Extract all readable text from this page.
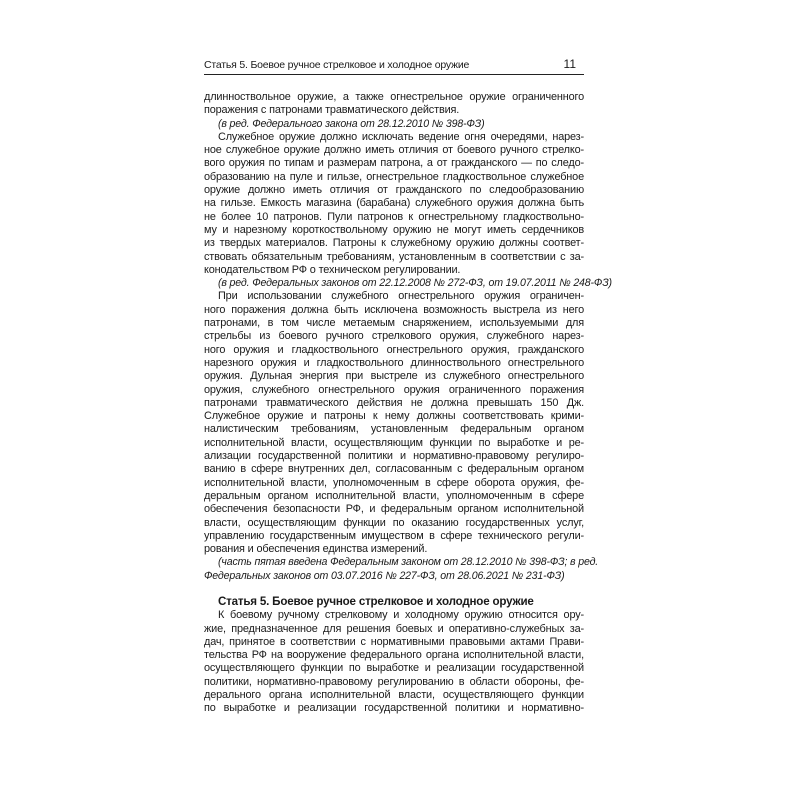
Статья 5. Боевое ручное стрелковое и холодное оружие	11
длинноствольное оружие, а также огнестрельное оружие ограниченного
поражения с патронами травматического действия.
(в ред. Федерального закона от 28.12.2010 № 398-ФЗ)
Служебное оружие должно исключать ведение огня очередями, нарез-
ное служебное оружие должно иметь отличия от боевого ручного стрелко-
вого оружия по типам и размерам патрона, а от гражданского — по следо-
образованию на пуле и гильзе, огнестрельное гладкоствольное служебное
оружие должно иметь отличия от гражданского по следообразованию
на гильзе. Емкость магазина (барабана) служебного оружия должна быть
не более 10 патронов. Пули патронов к огнестрельному гладкоствольно-
му и нарезному короткоствольному оружию не могут иметь сердечников
из твердых материалов. Патроны к служебному оружию должны соответ-
ствовать обязательным требованиям, установленным в соответствии с за-
конодательством РФ о техническом регулировании.
(в ред. Федеральных законов от 22.12.2008 № 272-ФЗ, от 19.07.2011 № 248-ФЗ)
При использовании служебного огнестрельного оружия ограничен-
ного поражения должна быть исключена возможность выстрела из него
патронами, в том числе метаемым снаряжением, используемыми для
стрельбы из боевого ручного стрелкового оружия, служебного нарез-
ного оружия и гладкоствольного огнестрельного оружия, гражданского
нарезного оружия и гладкоствольного длинноствольного огнестрельного
оружия. Дульная энергия при выстреле из служебного огнестрельного
оружия, служебного огнестрельного оружия ограниченного поражения
патронами травматического действия не должна превышать 150 Дж.
Служебное оружие и патроны к нему должны соответствовать крими-
налистическим требованиям, установленным федеральным органом
исполнительной власти, осуществляющим функции по выработке и ре-
ализации государственной политики и нормативно-правовому регулиро-
ванию в сфере внутренних дел, согласованным с федеральным органом
исполнительной власти, уполномоченным в сфере оборота оружия, фе-
деральным органом исполнительной власти, уполномоченным в сфере
обеспечения безопасности РФ, и федеральным органом исполнительной
власти, осуществляющим функции по оказанию государственных услуг,
управлению государственным имуществом в сфере технического регули-
рования и обеспечения единства измерений.
(часть пятая введена Федеральным законом от 28.12.2010 № 398-ФЗ; в ред.
Федеральных законов от 03.07.2016 № 227-ФЗ, от 28.06.2021 № 231-ФЗ)
Статья 5. Боевое ручное стрелковое и холодное оружие
К боевому ручному стрелковому и холодному оружию относится ору-
жие, предназначенное для решения боевых и оперативно-служебных за-
дач, принятое в соответствии с нормативными правовыми актами Прави-
тельства РФ на вооружение федерального органа исполнительной власти,
осуществляющего функции по выработке и реализации государственной
политики, нормативно-правовому регулированию в области обороны, фе-
дерального органа исполнительной власти, осуществляющего функции
по выработке и реализации государственной политики и нормативно-
